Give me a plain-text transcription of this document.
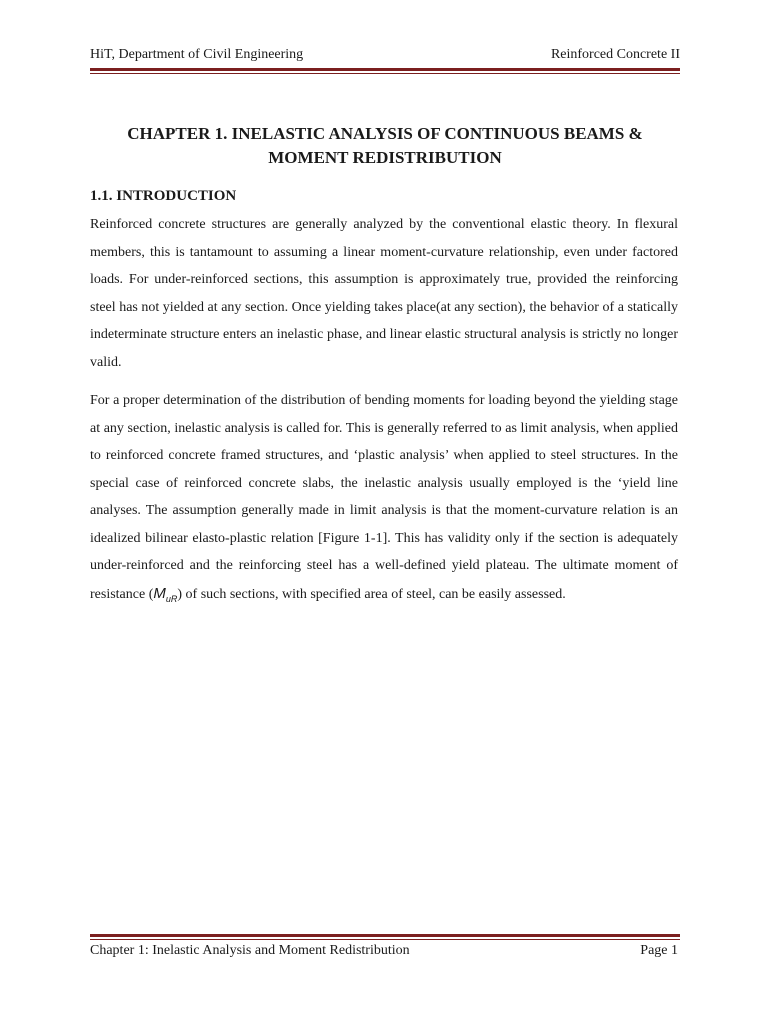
HiT, Department of Civil Engineering	Reinforced Concrete II
CHAPTER 1. INELASTIC ANALYSIS OF CONTINUOUS BEAMS &
MOMENT REDISTRIBUTION
1.1. INTRODUCTION

Reinforced concrete structures are generally analyzed by the conventional elastic theory. In flexural members, this is tantamount to assuming a linear moment-curvature relationship, even under factored loads. For under-reinforced sections, this assumption is approximately true, provided the reinforcing steel has not yielded at any section. Once yielding takes place(at any section), the behavior of a statically indeterminate structure enters an inelastic phase, and linear elastic structural analysis is strictly no longer valid.

For a proper determination of the distribution of bending moments for loading beyond the yielding stage at any section, inelastic analysis is called for. This is generally referred to as limit analysis, when applied to reinforced concrete framed structures, and ‘plastic analysis’ when applied to steel structures. In the special case of reinforced concrete slabs, the inelastic analysis usually employed is the ‘yield line analyses. The assumption generally made in limit analysis is that the moment-curvature relation is an idealized bilinear elasto-plastic relation [Figure 1-1]. This has validity only if the section is adequately under-reinforced and the reinforcing steel has a well-defined yield plateau. The ultimate moment of resistance $(M_{uR})$ of such sections, with specified area of steel, can be easily assessed.

Chapter 1: Inelastic Analysis and Moment Redistribution	Page 1
